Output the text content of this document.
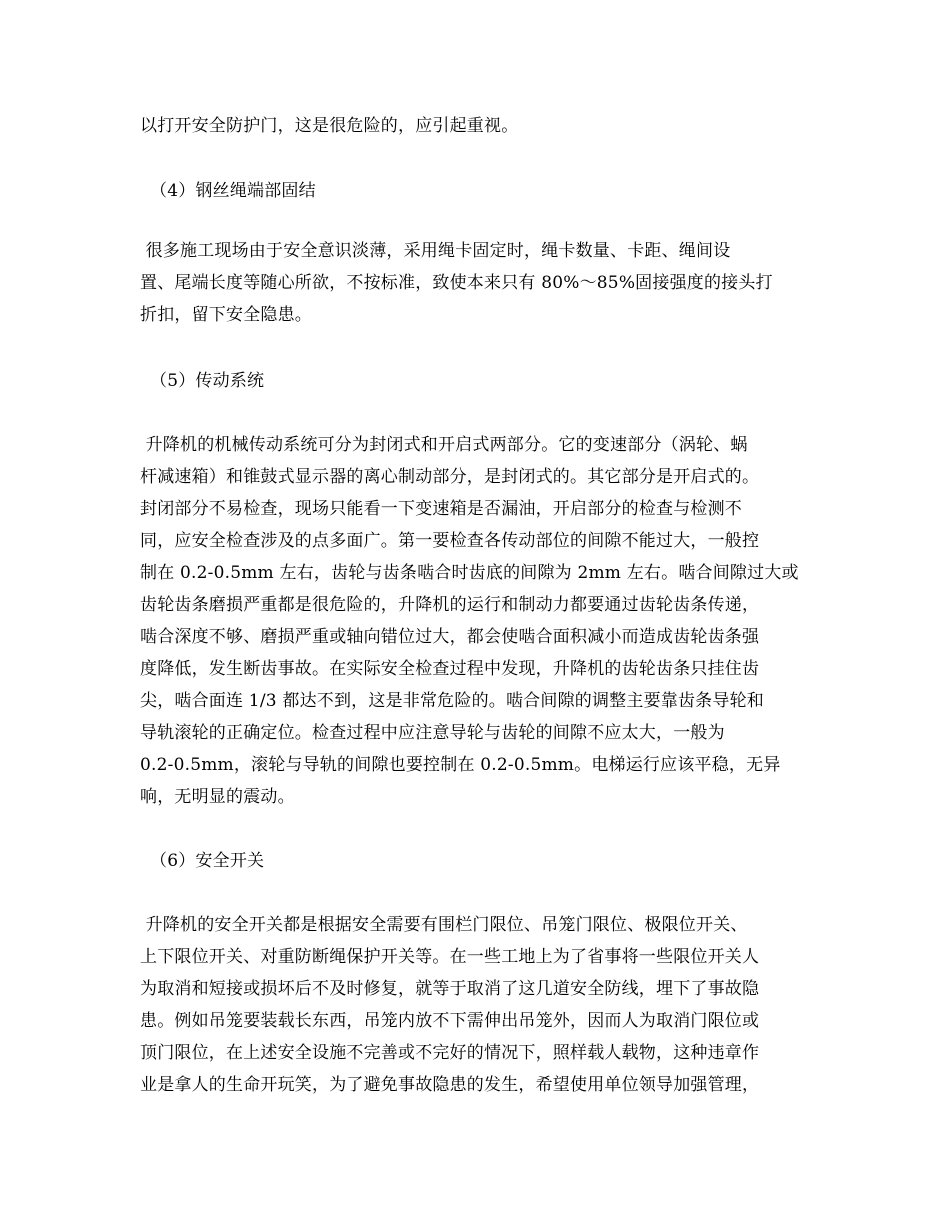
以打开安全防护门，这是很危险的，应引起重视。
（4）钢丝绳端部固结
很多施工现场由于安全意识淡薄，采用绳卡固定时，绳卡数量、卡距、绳间设
置、尾端长度等随心所欲，不按标准，致使本来只有 80%～85%固接强度的接头打
折扣，留下安全隐患。
（5）传动系统
升降机的机械传动系统可分为封闭式和开启式两部分。它的变速部分（涡轮、蜗
杆减速箱）和锥鼓式显示器的离心制动部分，是封闭式的。其它部分是开启式的。
封闭部分不易检查，现场只能看一下变速箱是否漏油，开启部分的检查与检测不
同，应安全检查涉及的点多面广。第一要检查各传动部位的间隙不能过大，一般控
制在 0.2-0.5mm 左右，齿轮与齿条啮合时齿底的间隙为 2mm 左右。啮合间隙过大或
齿轮齿条磨损严重都是很危险的，升降机的运行和制动力都要通过齿轮齿条传递，
啮合深度不够、磨损严重或轴向错位过大，都会使啮合面积减小而造成齿轮齿条强
度降低，发生断齿事故。在实际安全检查过程中发现，升降机的齿轮齿条只挂住齿
尖，啮合面连 1/3 都达不到，这是非常危险的。啮合间隙的调整主要靠齿条导轮和
导轨滚轮的正确定位。检查过程中应注意导轮与齿轮的间隙不应太大，一般为
0.2-0.5mm，滚轮与导轨的间隙也要控制在 0.2-0.5mm。电梯运行应该平稳，无异
响，无明显的震动。
（6）安全开关
升降机的安全开关都是根据安全需要有围栏门限位、吊笼门限位、极限位开关、
上下限位开关、对重防断绳保护开关等。在一些工地上为了省事将一些限位开关人
为取消和短接或损坏后不及时修复，就等于取消了这几道安全防线，埋下了事故隐
患。例如吊笼要装载长东西，吊笼内放不下需伸出吊笼外，因而人为取消门限位或
顶门限位，在上述安全设施不完善或不完好的情况下，照样载人载物，这种违章作
业是拿人的生命开玩笑，为了避免事故隐患的发生，希望使用单位领导加强管理，
